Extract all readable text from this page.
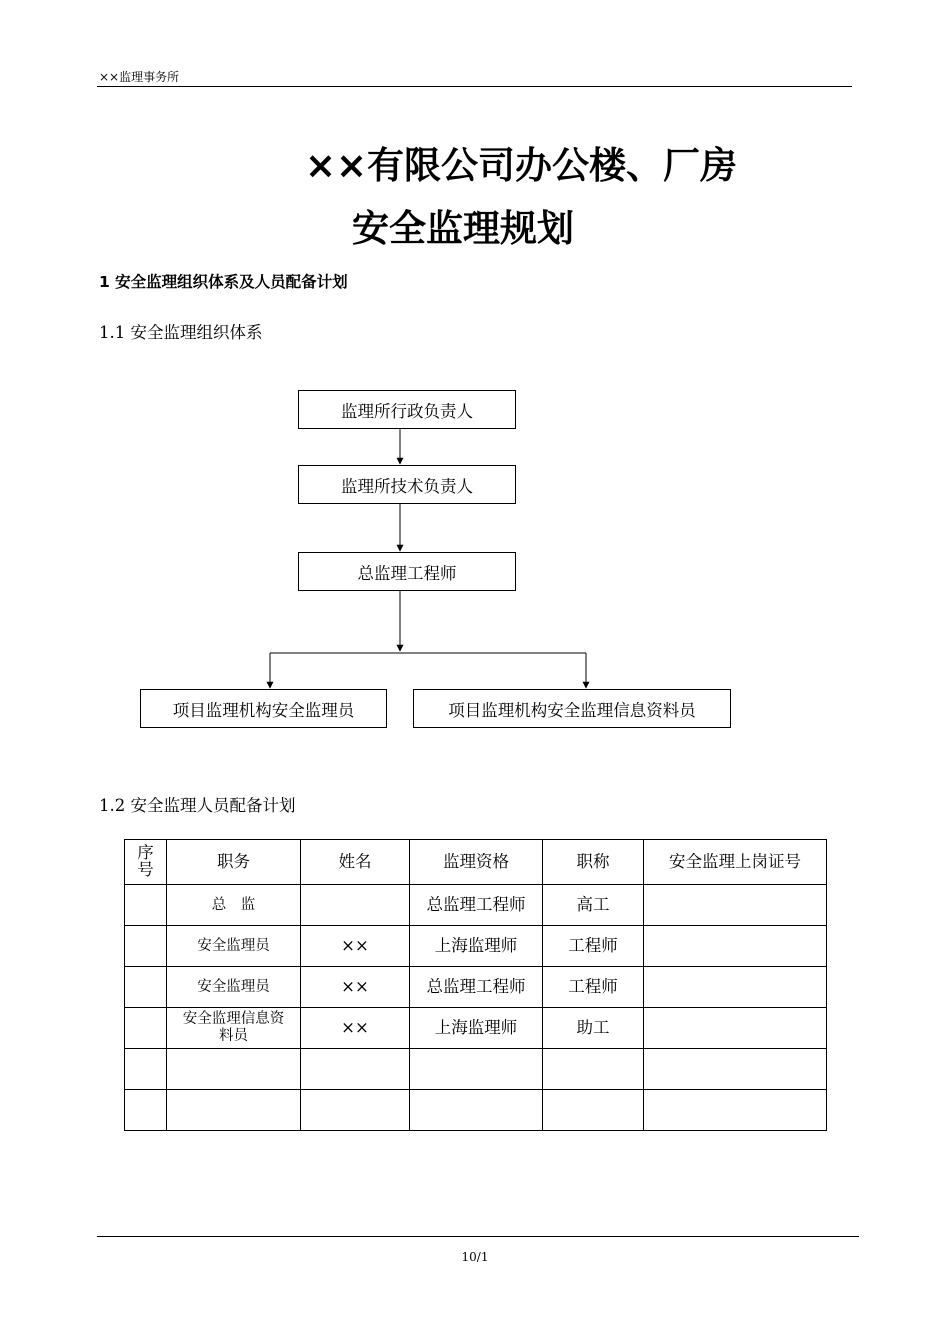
××监理事务所
××有限公司办公楼、厂房
安全监理规划
1 安全监理组织体系及人员配备计划
1.1 安全监理组织体系
监理所行政负责人
监理所技术负责人
总监理工程师
项目监理机构安全监理员	项目监理机构安全监理信息资料员
1.2 安全监理人员配备计划
序号	职务	姓名	监理资格	职称	安全监理上岗证号
	总　监		总监理工程师	高工	
	安全监理员	××	上海监理师	工程师	
	安全监理员	××	总监理工程师	工程师	
	安全监理信息资料员	××	上海监理师	助工	

10/1
